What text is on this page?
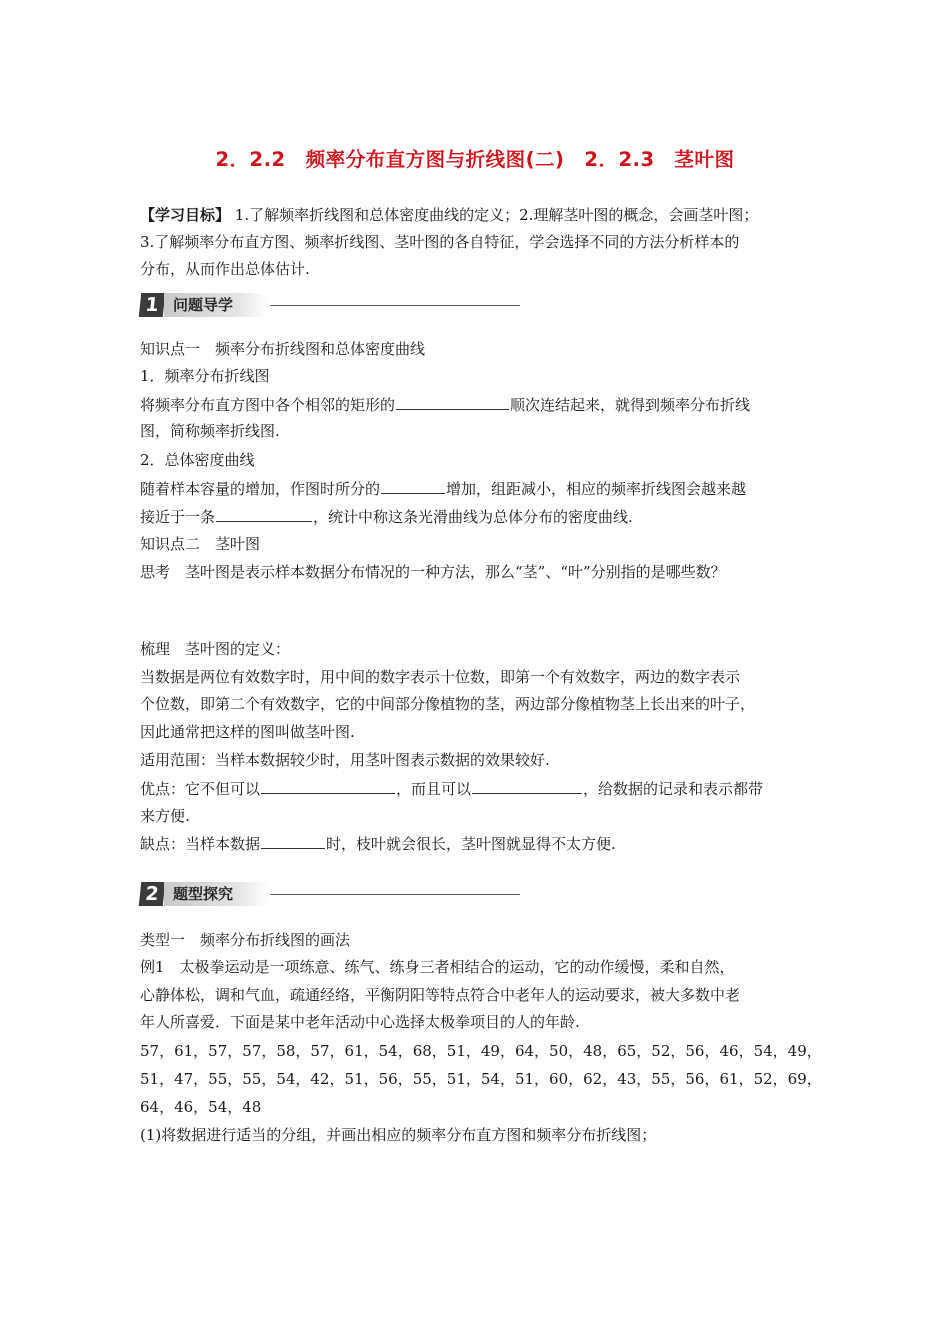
2．2.2　频率分布直方图与折线图(二)　2．2.3　茎叶图
【学习目标】 1.了解频率折线图和总体密度曲线的定义；2.理解茎叶图的概念，会画茎叶图；
3.了解频率分布直方图、频率折线图、茎叶图的各自特征，学会选择不同的方法分析样本的
分布，从而作出总体估计.
1 问题导学
知识点一　频率分布折线图和总体密度曲线
1．频率分布折线图
将频率分布直方图中各个相邻的矩形的	顺次连结起来，就得到频率分布折线
图，简称频率折线图.
2．总体密度曲线
随着样本容量的增加，作图时所分的	增加，组距减小，相应的频率折线图会越来越
接近于一条	，统计中称这条光滑曲线为总体分布的密度曲线.
知识点二　茎叶图
思考　茎叶图是表示样本数据分布情况的一种方法，那么“茎”、“叶”分别指的是哪些数？
梳理　茎叶图的定义：
当数据是两位有效数字时，用中间的数字表示十位数，即第一个有效数字，两边的数字表示
个位数，即第二个有效数字，它的中间部分像植物的茎，两边部分像植物茎上长出来的叶子，
因此通常把这样的图叫做茎叶图.
适用范围：当样本数据较少时，用茎叶图表示数据的效果较好.
优点：它不但可以	，而且可以	，给数据的记录和表示都带
来方便.
缺点：当样本数据	时，枝叶就会很长，茎叶图就显得不太方便.
2 题型探究
类型一　频率分布折线图的画法
例1　太极拳运动是一项练意、练气、练身三者相结合的运动，它的动作缓慢，柔和自然，
心静体松，调和气血，疏通经络，平衡阴阳等特点符合中老年人的运动要求，被大多数中老
年人所喜爱．下面是某中老年活动中心选择太极拳项目的人的年龄.
57，61，57，57，58，57，61，54，68，51，49，64，50，48，65，52，56，46，54，49，
51，47，55，55，54，42，51，56，55，51，54，51，60，62，43，55，56，61，52，69，
64，46，54，48
(1)将数据进行适当的分组，并画出相应的频率分布直方图和频率分布折线图；
